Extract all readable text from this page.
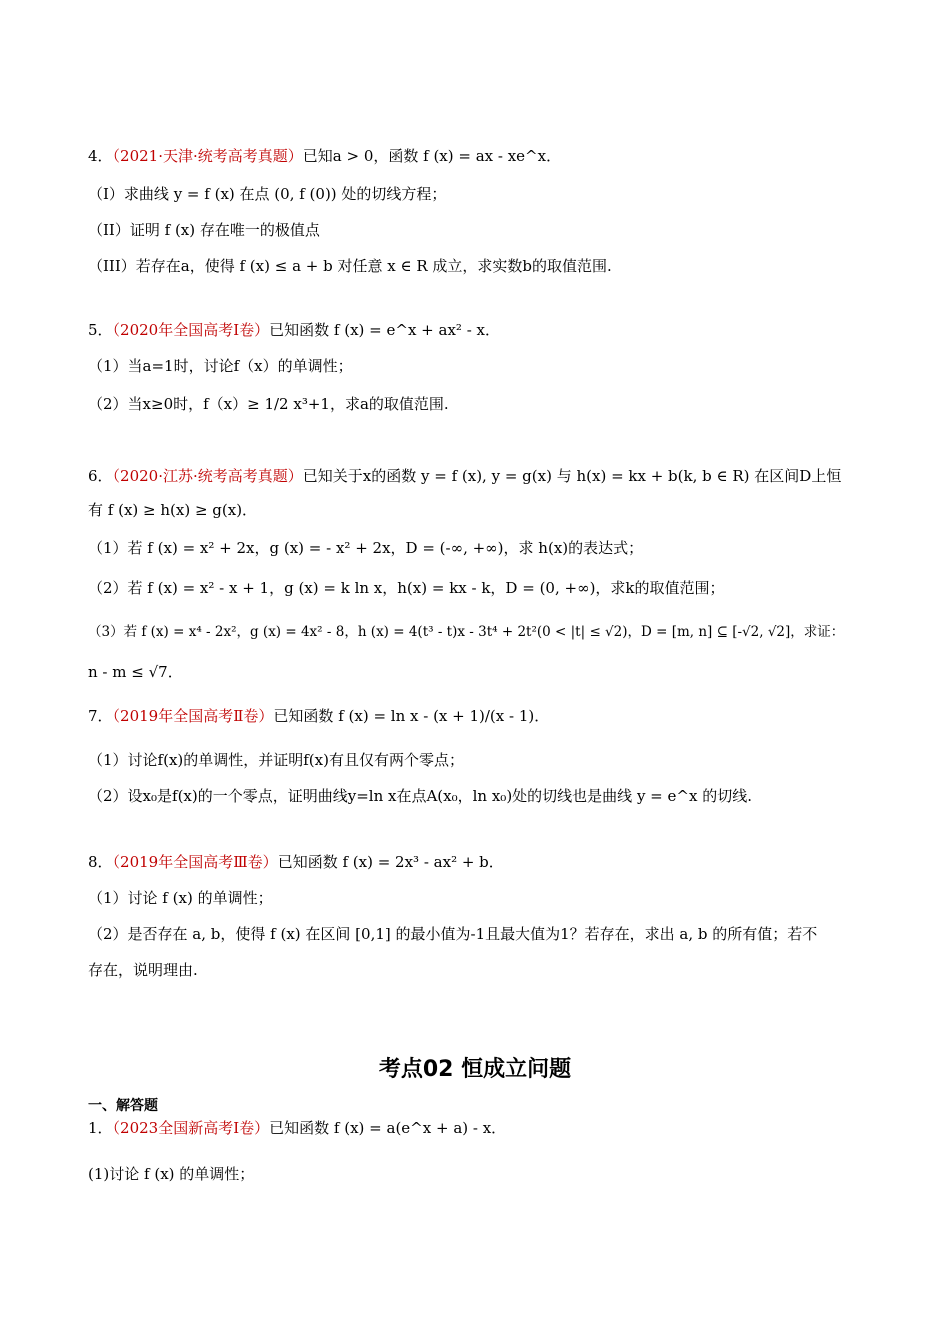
4．（2021·天津·统考高考真题）已知a > 0，函数 f (x) = ax - xe^x．
（I）求曲线 y = f (x) 在点 (0, f (0)) 处的切线方程；
（II）证明 f (x) 存在唯一的极值点
（III）若存在a，使得 f (x) ≤ a + b 对任意 x ∈ R 成立，求实数b的取值范围.
5．（2020年全国高考Ⅰ卷）已知函数 f (x) = e^x + ax² - x．
（1）当a=1时，讨论f（x）的单调性；
（2）当x≥0时，f（x）≥ 1/2 x³+1，求a的取值范围.
6．（2020·江苏·统考高考真题）已知关于x的函数 y = f (x), y = g(x) 与 h(x) = kx + b(k, b ∈ R) 在区间D上恒
有 f (x) ≥ h(x) ≥ g(x)．
（1）若 f (x) = x² + 2x，g (x) = - x² + 2x，D = (-∞, +∞)，求 h(x)的表达式；
（2）若 f (x) = x² - x + 1，g (x) = k ln x，h(x) = kx - k，D = (0, +∞)，求k的取值范围；
（3）若 f (x) = x⁴ - 2x²，g (x) = 4x² - 8，h (x) = 4(t³ - t)x - 3t⁴ + 2t²(0 < |t| ≤ √2)，D = [m, n] ⊆ [-√2, √2]，求证：
n - m ≤ √7．
7．（2019年全国高考Ⅱ卷）已知函数 f (x) = ln x - (x + 1)/(x - 1)．
（1）讨论f(x)的单调性，并证明f(x)有且仅有两个零点；
（2）设x₀是f(x)的一个零点，证明曲线y=ln x在点A(x₀，ln x₀)处的切线也是曲线 y = e^x 的切线.
8．（2019年全国高考Ⅲ卷）已知函数 f (x) = 2x³ - ax² + b．
（1）讨论 f (x) 的单调性；
（2）是否存在 a, b，使得 f (x) 在区间 [0,1] 的最小值为-1且最大值为1？若存在，求出 a, b 的所有值；若不
存在，说明理由.
考点02 恒成立问题
一、解答题
1．（2023全国新高考Ⅰ卷）已知函数 f (x) = a(e^x + a) - x．
(1)讨论 f (x) 的单调性；
